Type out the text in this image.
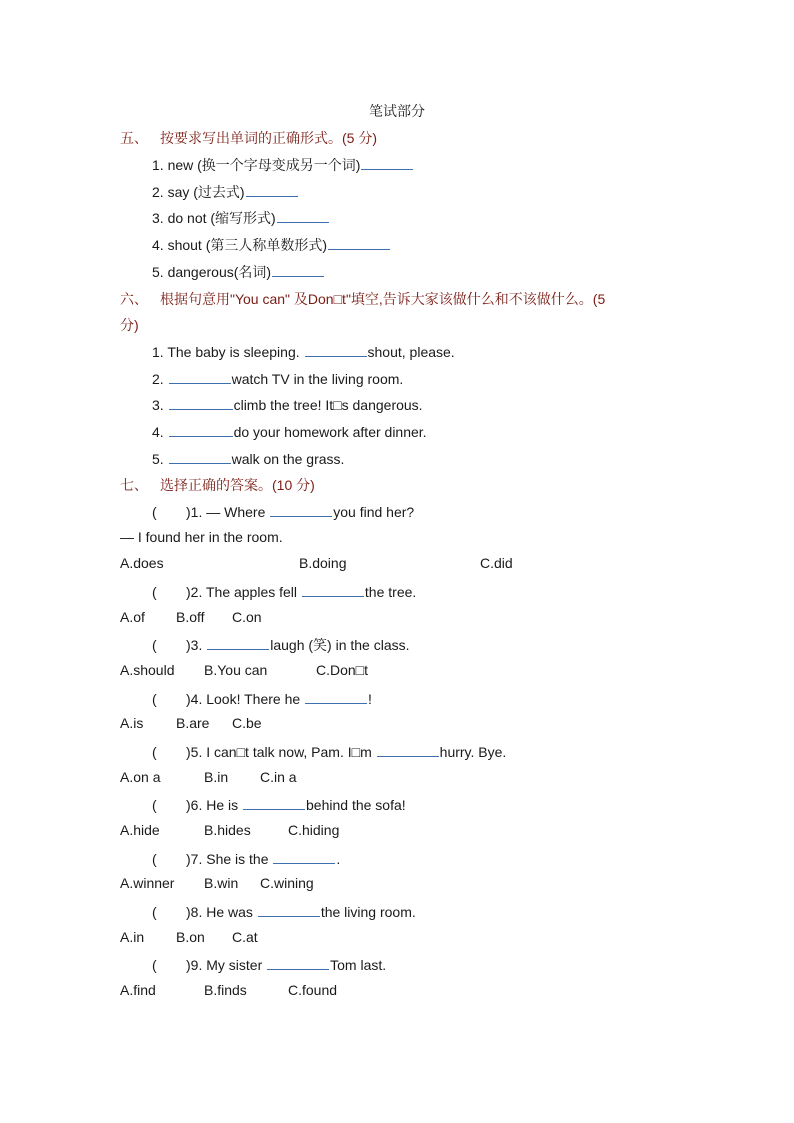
笔试部分
五、 按要求写出单词的正确形式。(5 分)
1. new (换一个字母变成另一个词)
2. say (过去式)
3. do not (缩写形式)
4. shout (第三人称单数形式)
5. dangerous(名词)
六、 根据句意用"You can" 及Don□t"填空,告诉大家该做什么和不该做什么。(5
分)
1. The baby is sleeping.	shout, please.
2.	watch TV in the living room.
3.	climb the tree! It□s dangerous.
4.	do your homework after dinner.
5.	walk on the grass.
七、 选择正确的答案。(10 分)
( )1. — Where	you find her?
— I found her in the room.
A.does	B.doing	C.did
( )2. The apples fell	the tree.
A.of B.off C.on
( )3.	laugh (笑) in the class.
A.should B.You can	C.Don□t
( )4. Look! There he	!
A.is B.are C.be
( )5. I can□t talk now, Pam. I□m	hurry. Bye.
A.on a	B.in C.in a
( )6. He is	behind the sofa!
A.hide	B.hides	C.hiding
( )7. She is the	.
A.winner B.win C.wining
( )8. He was	the living room.
A.in B.on C.at
( )9. My sister	Tom last.
A.find	B.finds	C.found
